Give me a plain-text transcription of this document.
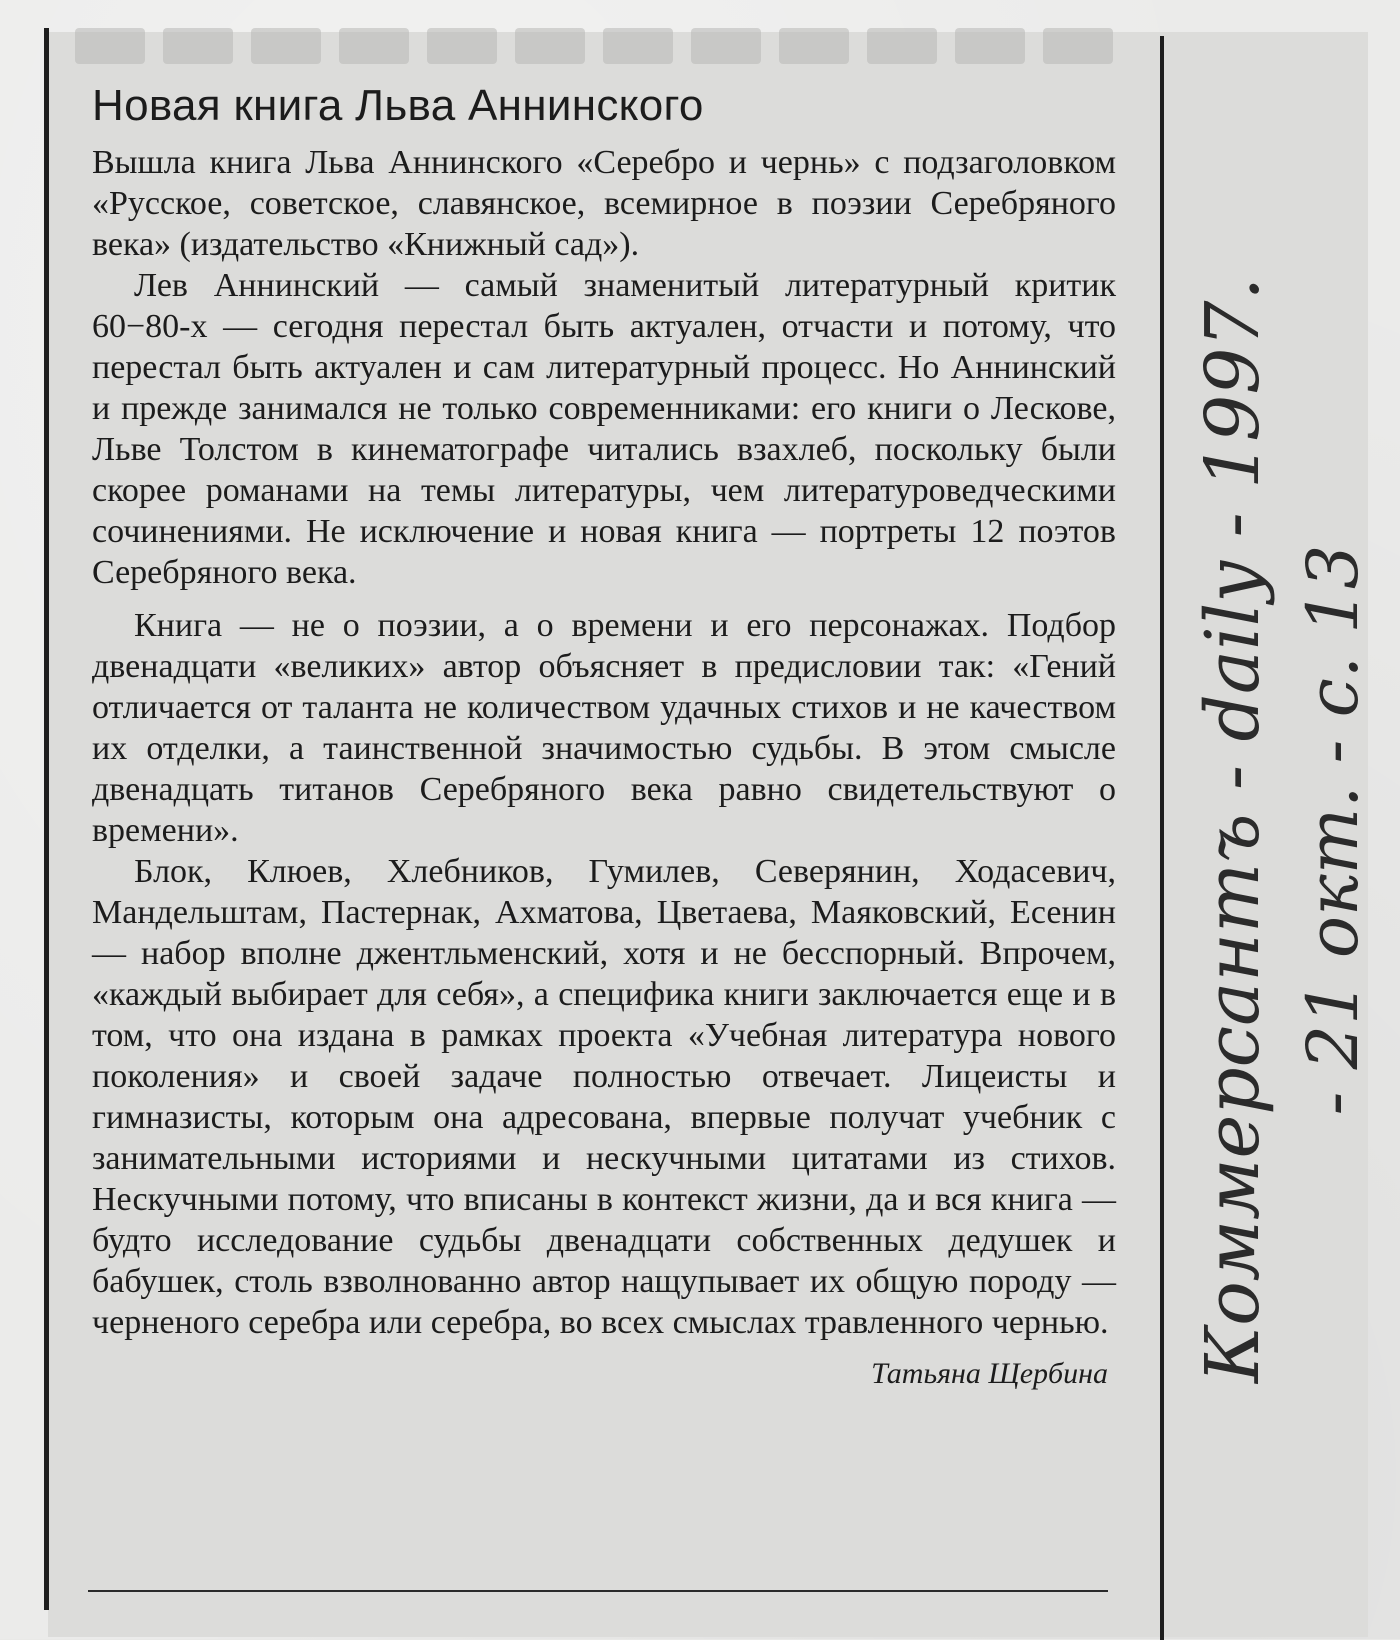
Новая книга Льва Аннинского

Вышла книга Льва Аннинского «Серебро и чернь» с подзаголовком «Русское, советское, славянское, всемирное в поэзии Серебряного века» (издательство «Книжный сад»).

Лев Аннинский — самый знаменитый литературный критик 60−80-х — сегодня перестал быть актуален, отчасти и потому, что перестал быть актуален и сам литературный процесс. Но Аннинский и прежде занимался не только современниками: его книги о Лескове, Льве Толстом в кинематографе читались взахлеб, поскольку были скорее романами на темы литературы, чем литературоведческими сочинениями. Не исключение и новая книга — портреты 12 поэтов Серебряного века.

Книга — не о поэзии, а о времени и его персонажах. Подбор двенадцати «великих» автор объясняет в предисловии так: «Гений отличается от таланта не количеством удачных стихов и не качеством их отделки, а таинственной значимостью судьбы. В этом смысле двенадцать титанов Серебряного века равно свидетельствуют о времени».

Блок, Клюев, Хлебников, Гумилев, Северянин, Ходасевич, Мандельштам, Пастернак, Ахматова, Цветаева, Маяковский, Есенин — набор вполне джентльменский, хотя и не бесспорный. Впрочем, «каждый выбирает для себя», а специфика книги заключается еще и в том, что она издана в рамках проекта «Учебная литература нового поколения» и своей задаче полностью отвечает. Лицеисты и гимназисты, которым она адресована, впервые получат учебник с занимательными историями и нескучными цитатами из стихов. Нескучными потому, что вписаны в контекст жизни, да и вся книга — будто исследование судьбы двенадцати собственных дедушек и бабушек, столь взволнованно автор нащупывает их общую породу — черненого серебра или серебра, во всех смыслах травленного чернью.

Татьяна Щербина Коммерсантъ - daily - 1997. - 21 окт. - с. 13
